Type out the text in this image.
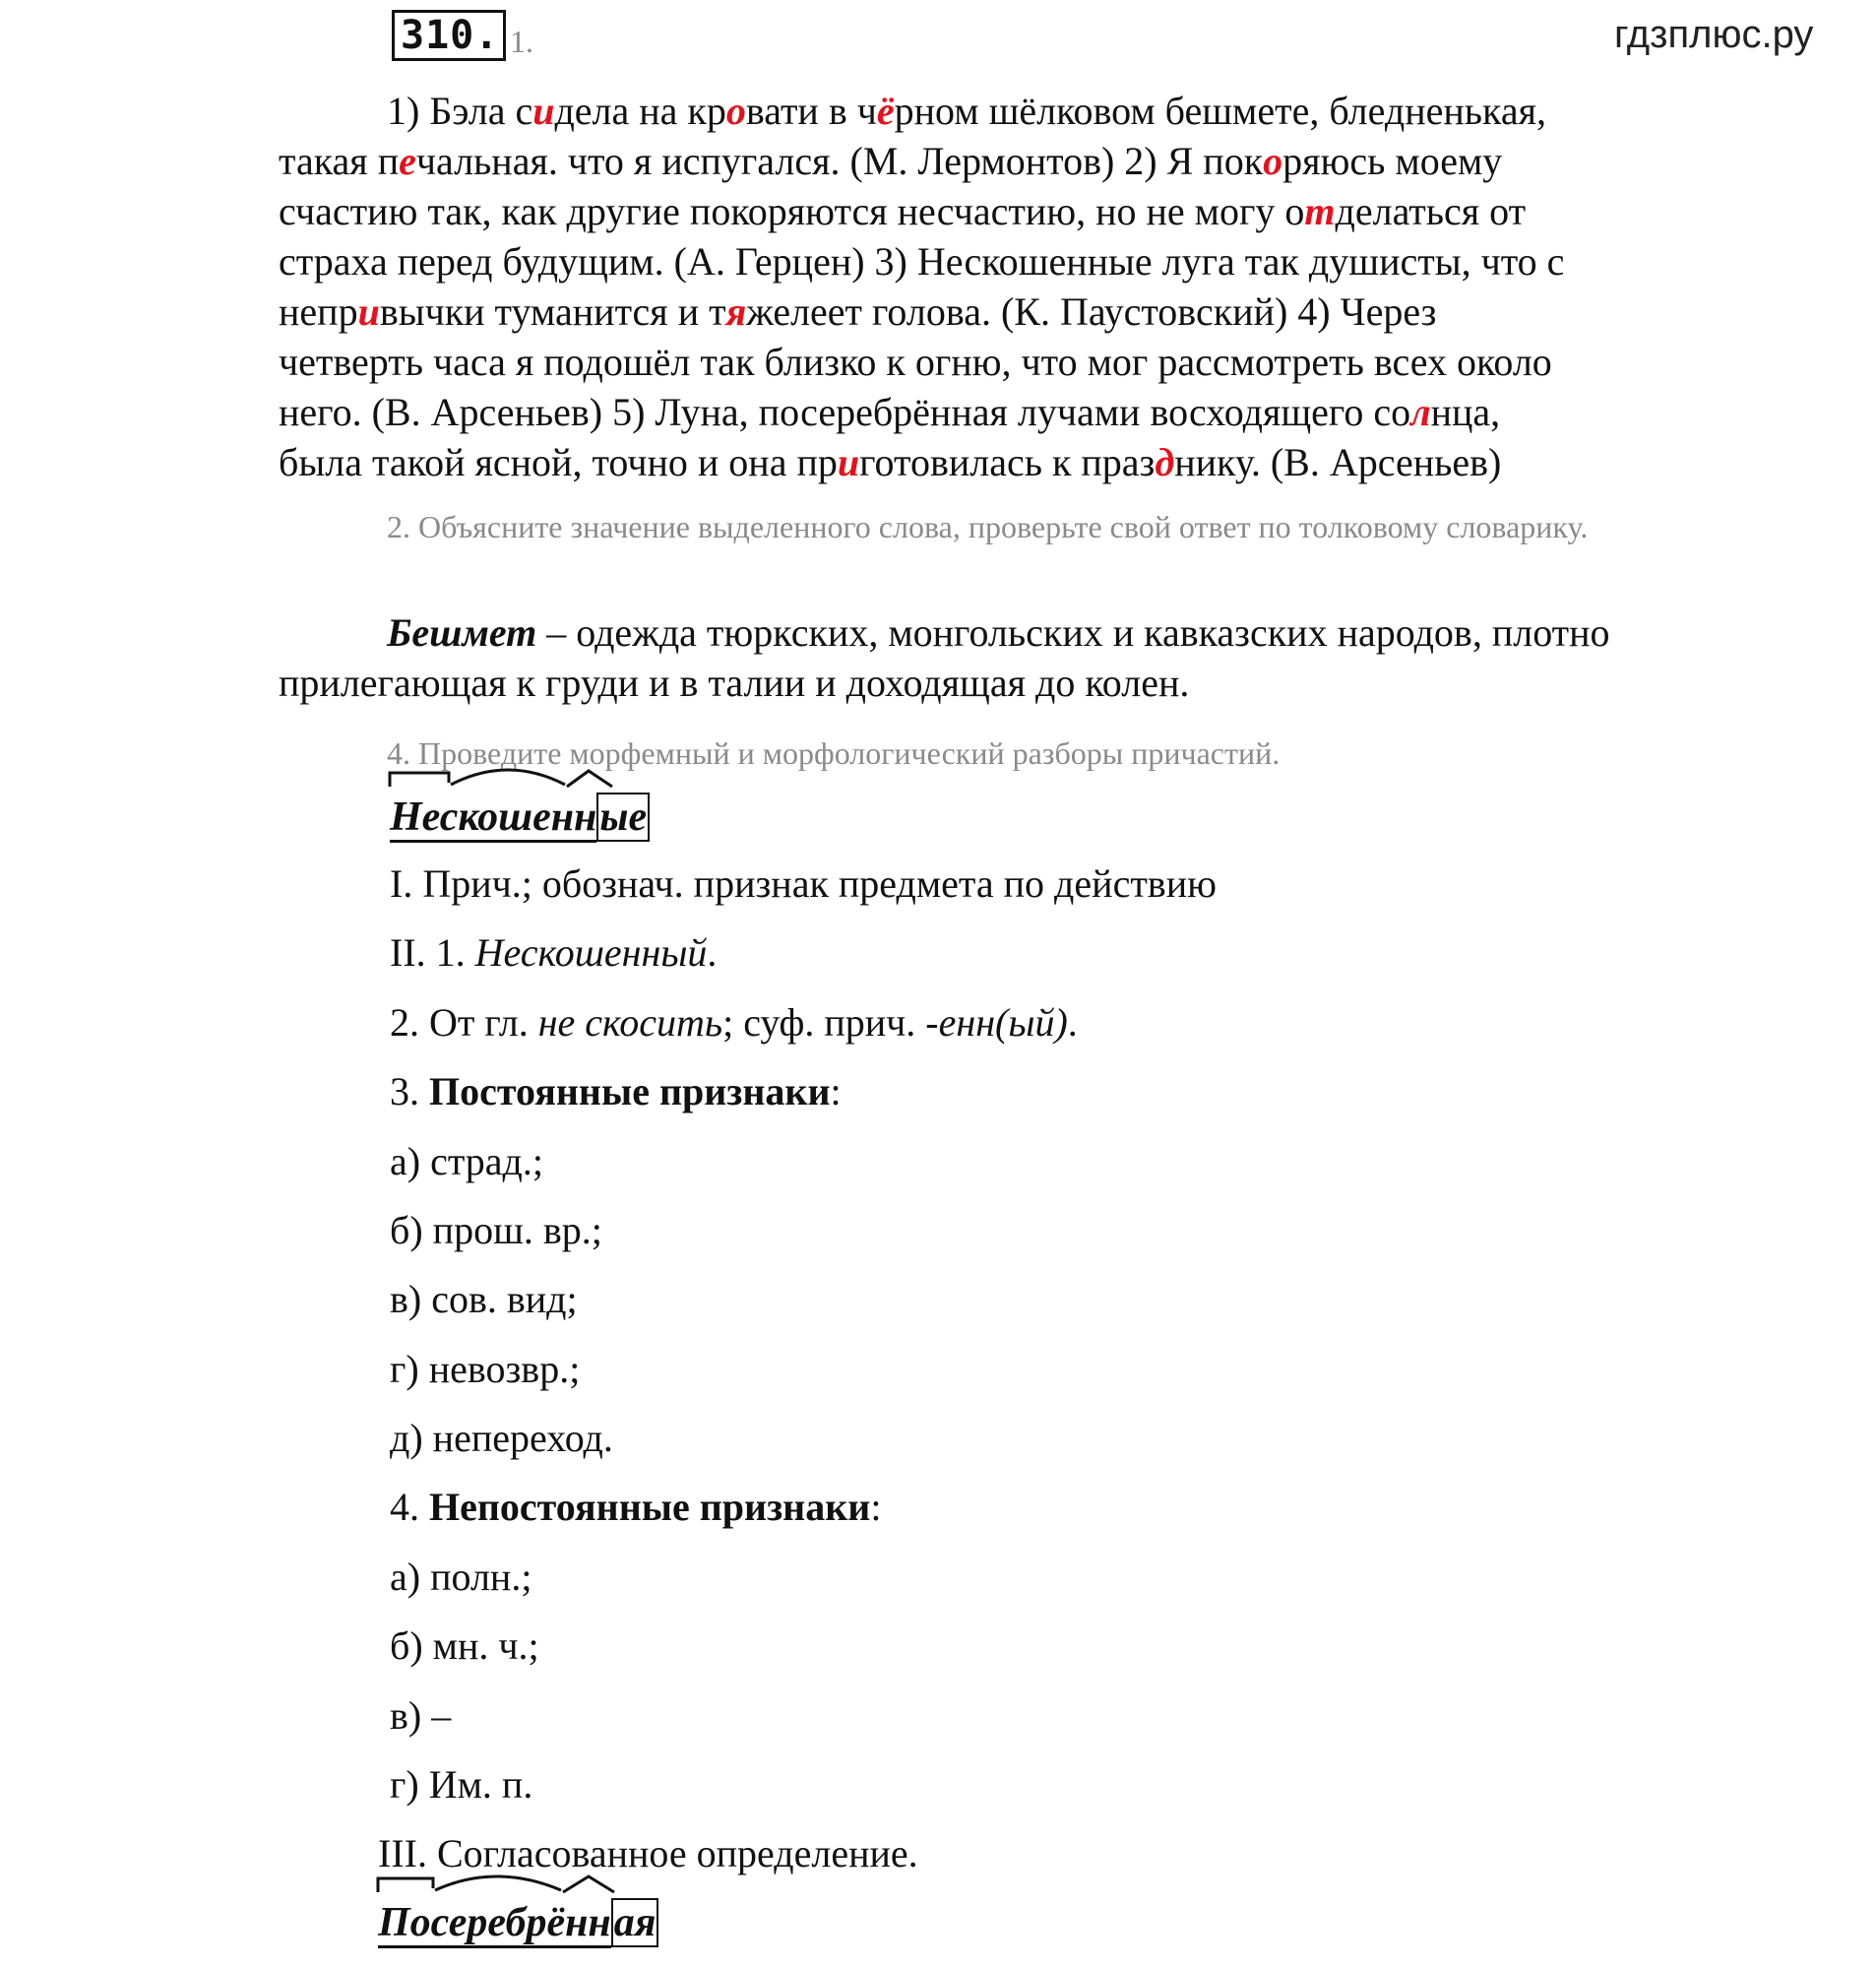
310. 1.	гдзплюс.ру
1) Бэла сидела на кровати в чёрном шёлковом бешмете, бледненькая,
такая печальная. что я испугался. (М. Лермонтов) 2) Я покоряюсь моему
счастию так, как другие покоряются несчастию, но не могу отделаться от
страха перед будущим. (А. Герцен) 3) Нескошенные луга так душисты, что с
непривычки туманится и тяжелеет голова. (К. Паустовский) 4) Через
четверть часа я подошёл так близко к огню, что мог рассмотреть всех около
него. (В. Арсеньев) 5) Луна, посеребрённая лучами восходящего солнца,
была такой ясной, точно и она приготовилась к празднику. (В. Арсеньев)
2. Объясните значение выделенного слова, проверьте свой ответ по толковому словарику.
Бешмет – одежда тюркских, монгольских и кавказских народов, плотно прилегающая к груди и в талии и доходящая до колен.
4. Проведите морфемный и морфологический разборы причастий.
Нескошенные
I. Прич.; обознач. признак предмета по действию
II. 1. Нескошенный.
2. От гл. не скосить; суф. прич. -енн(ый).
3. Постоянные признаки:
а) страд.;
б) прош. вр.;
в) сов. вид;
г) невозвр.;
д) непереход.
4. Непостоянные признаки:
а) полн.;
б) мн. ч.;
в) –
г) Им. п.
III. Согласованное определение.
Посеребрённая
